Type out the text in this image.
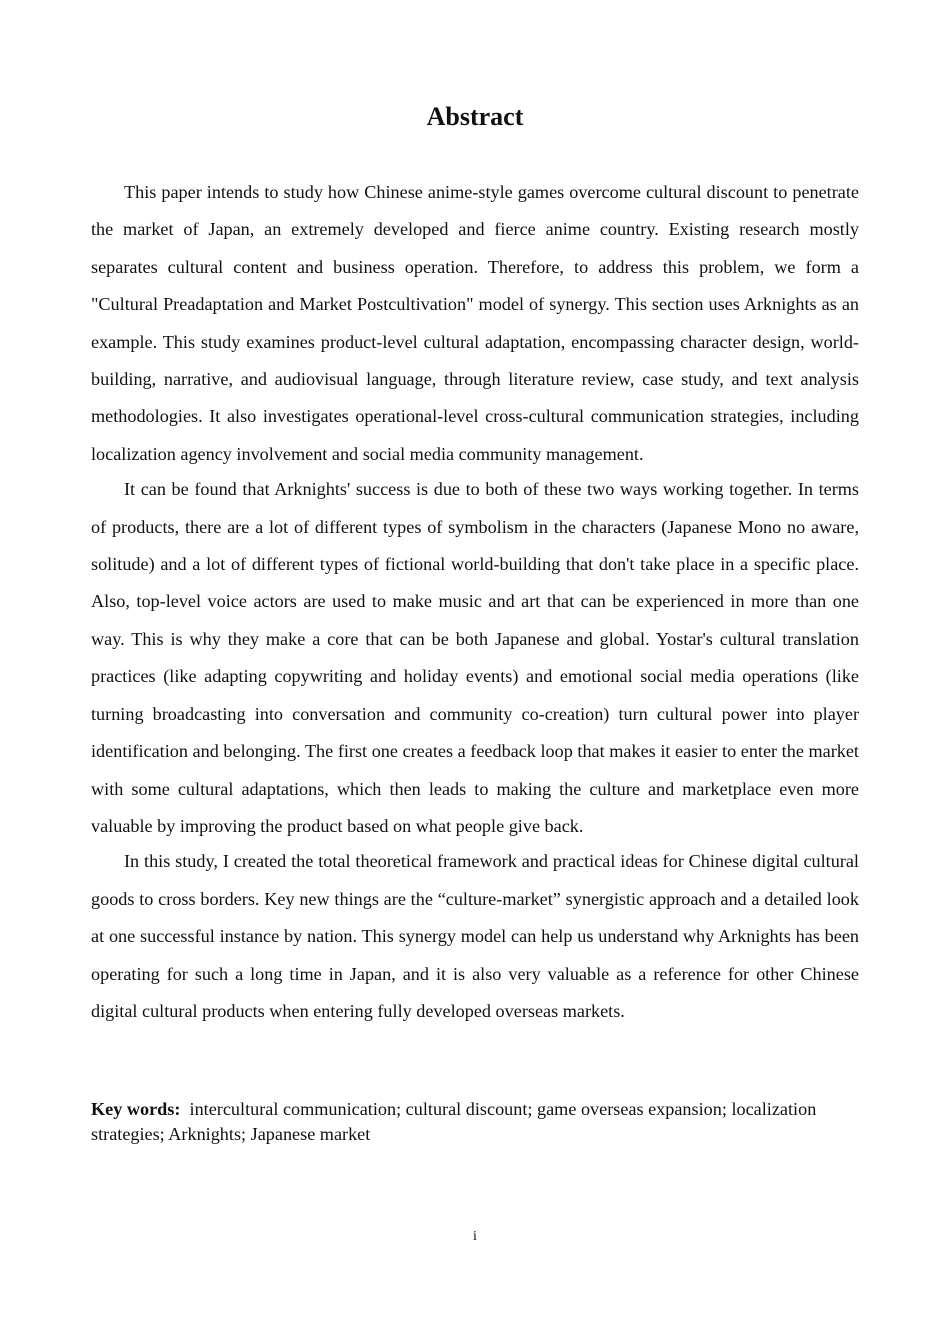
Abstract

This paper intends to study how Chinese anime-style games overcome cultural discount to penetrate the market of Japan, an extremely developed and fierce anime country. Existing research mostly separates cultural content and business operation. Therefore, to address this problem, we form a "Cultural Preadaptation and Market Postcultivation" model of synergy. This section uses Arknights as an example. This study examines product-level cultural adaptation, encompassing character design, world-building, narrative, and audiovisual language, through literature review, case study, and text analysis methodologies. It also investigates operational-level cross-cultural communication strategies, including localization agency involvement and social media community management.

It can be found that Arknights' success is due to both of these two ways working together. In terms of products, there are a lot of different types of symbolism in the characters (Japanese Mono no aware, solitude) and a lot of different types of fictional world-building that don't take place in a specific place. Also, top-level voice actors are used to make music and art that can be experienced in more than one way. This is why they make a core that can be both Japanese and global. Yostar's cultural translation practices (like adapting copywriting and holiday events) and emotional social media operations (like turning broadcasting into conversation and community co-creation) turn cultural power into player identification and belonging. The first one creates a feedback loop that makes it easier to enter the market with some cultural adaptations, which then leads to making the culture and marketplace even more valuable by improving the product based on what people give back.

In this study, I created the total theoretical framework and practical ideas for Chinese digital cultural goods to cross borders. Key new things are the “culture-market” synergistic approach and a detailed look at one successful instance by nation. This synergy model can help us understand why Arknights has been operating for such a long time in Japan, and it is also very valuable as a reference for other Chinese digital cultural products when entering fully developed overseas markets.

Key words: intercultural communication; cultural discount; game overseas expansion; localization strategies; Arknights; Japanese market

i
